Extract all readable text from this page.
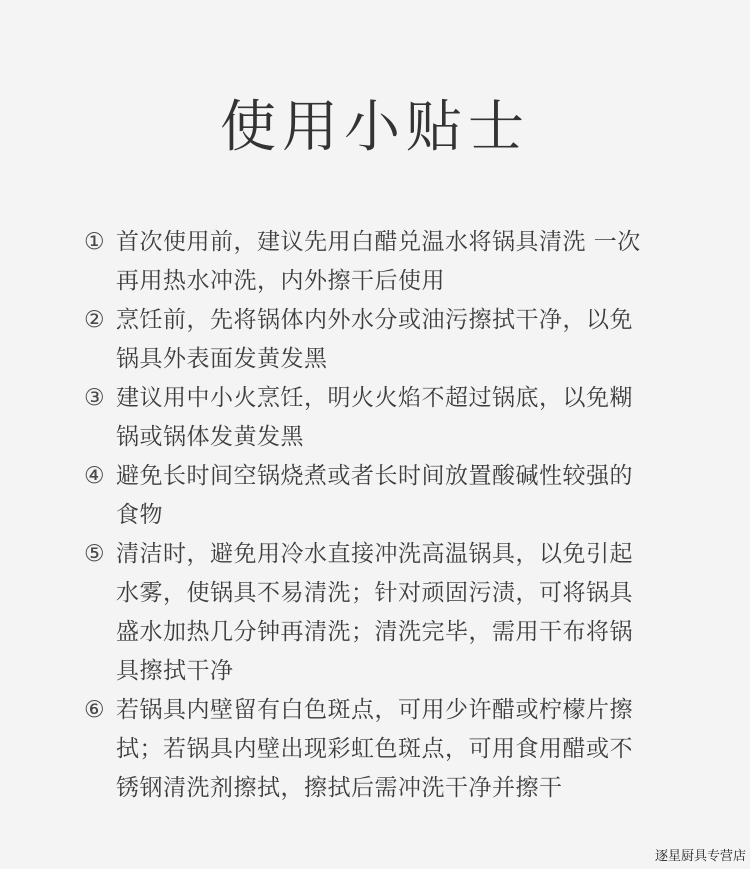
使用小贴士
① 首次使用前，建议先用白醋兑温水将锅具清洗 一次再用热水冲洗，内外擦干后使用
② 烹饪前，先将锅体内外水分或油污擦拭干净，以免锅具外表面发黄发黑
③ 建议用中小火烹饪，明火火焰不超过锅底，以免糊锅或锅体发黄发黑
④ 避免长时间空锅烧煮或者长时间放置酸碱性较强的食物
⑤ 清洁时，避免用冷水直接冲洗高温锅具，以免引起水雾，使锅具不易清洗；针对顽固污渍，可将锅具盛水加热几分钟再清洗；清洗完毕，需用干布将锅具擦拭干净
⑥ 若锅具内壁留有白色斑点，可用少许醋或柠檬片擦拭；若锅具内壁出现彩虹色斑点，可用食用醋或不锈钢清洗剂擦拭，擦拭后需冲洗干净并擦干
逐星厨具专营店
